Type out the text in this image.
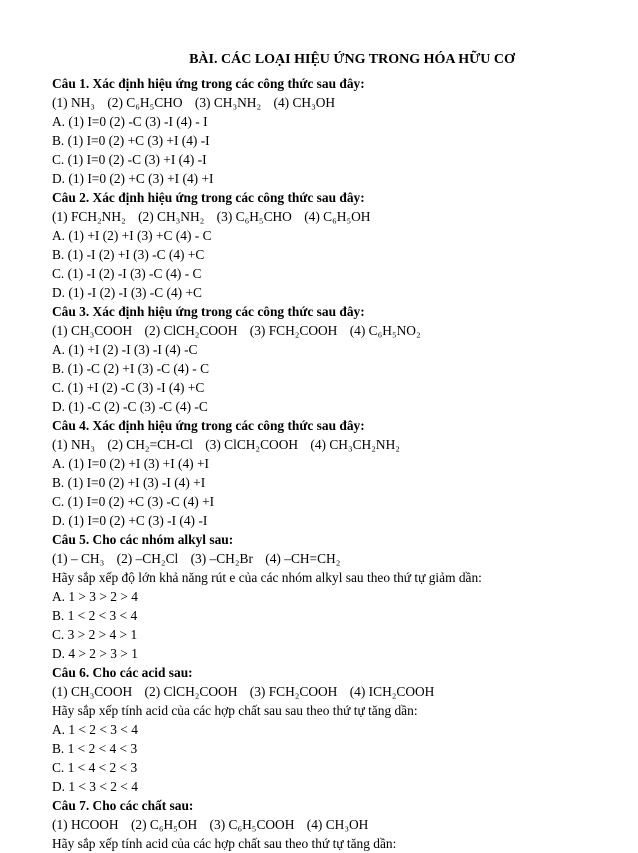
BÀI. CÁC LOẠI HIỆU ỨNG TRONG HÓA HỮU CƠ
Câu 1. Xác định hiệu ứng trong các công thức sau đây:
(1) NH₃ (2) C₆H₅CHO (3) CH₃NH₂ (4) CH₃OH
A. (1) I=0 (2) -C (3) -I (4) - I
B. (1) I=0 (2) +C (3) +I (4) -I
C. (1) I=0 (2) -C (3) +I (4) -I
D. (1) I=0 (2) +C (3) +I (4) +I
Câu 2. Xác định hiệu ứng trong các công thức sau đây:
(1) FCH₂NH₂ (2) CH₃NH₂ (3) C₆H₅CHO (4) C₆H₅OH
A. (1) +I (2) +I (3) +C (4) - C
B. (1) -I (2) +I (3) -C (4) +C
C. (1) -I (2) -I (3) -C (4) - C
D. (1) -I (2) -I (3) -C (4) +C
Câu 3. Xác định hiệu ứng trong các công thức sau đây:
(1) CH₃COOH (2) ClCH₂COOH (3) FCH₂COOH (4) C₆H₅NO₂
A. (1) +I (2) -I (3) -I (4) -C
B. (1) -C (2) +I (3) -C (4) - C
C. (1) +I (2) -C (3) -I (4) +C
D. (1) -C (2) -C (3) -C (4) -C
Câu 4. Xác định hiệu ứng trong các công thức sau đây:
(1) NH₃ (2) CH₂=CH-Cl (3) ClCH₂COOH (4) CH₃CH₂NH₂
A. (1) I=0 (2) +I (3) +I (4) +I
B. (1) I=0 (2) +I (3) -I (4) +I
C. (1) I=0 (2) +C (3) -C (4) +I
D. (1) I=0 (2) +C (3) -I (4) -I
Câu 5. Cho các nhóm alkyl sau:
(1) – CH₃ (2) –CH₂Cl (3) –CH₂Br (4) –CH=CH₂
Hãy sắp xếp độ lớn khả năng rút e của các nhóm alkyl sau theo thứ tự giảm dần:
A. 1 > 3 > 2 > 4
B. 1 < 2 < 3 < 4
C. 3 > 2 > 4 > 1
D. 4 > 2 > 3 > 1
Câu 6. Cho các acid sau:
(1) CH₃COOH (2) ClCH₂COOH (3) FCH₂COOH (4) ICH₂COOH
Hãy sắp xếp tính acid của các hợp chất sau sau theo thứ tự tăng dần:
A. 1 < 2 < 3 < 4
B. 1 < 2 < 4 < 3
C. 1 < 4 < 2 < 3
D. 1 < 3 < 2 < 4
Câu 7. Cho các chất sau:
(1) HCOOH (2) C₆H₅OH (3) C₆H₅COOH (4) CH₃OH
Hãy sắp xếp tính acid của các hợp chất sau theo thứ tự tăng dần:
